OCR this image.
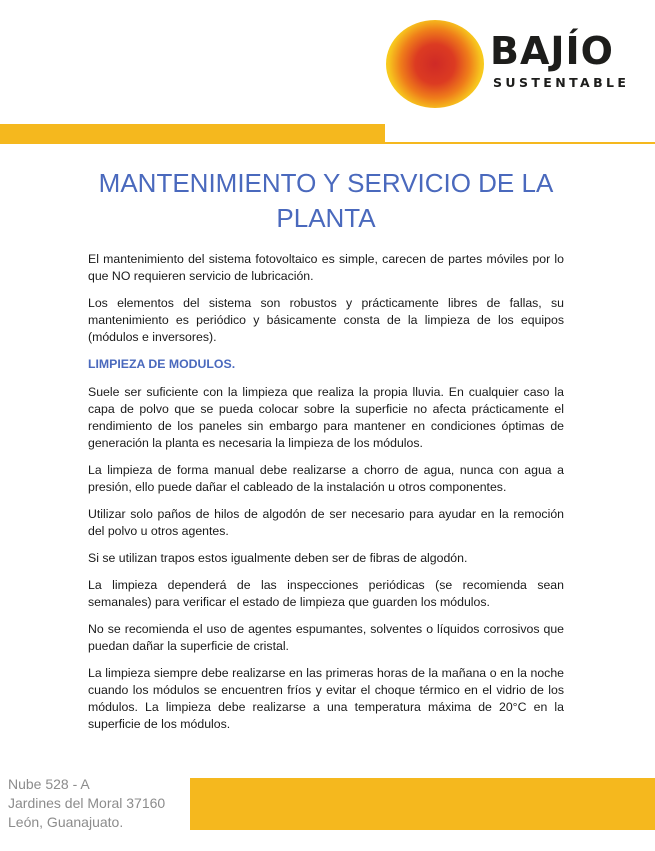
BAJÍO
SUSTENTABLE
MANTENIMIENTO Y SERVICIO DE LA PLANTA

El mantenimiento del sistema fotovoltaico es simple, carecen de partes móviles por lo que NO requieren servicio de lubricación.

Los elementos del sistema son robustos y prácticamente libres de fallas, su mantenimiento es periódico y básicamente consta de la limpieza de los equipos (módulos e inversores).

LIMPIEZA DE MODULOS.

Suele ser suficiente con la limpieza que realiza la propia lluvia. En cualquier caso la capa de polvo que se pueda colocar sobre la superficie no afecta prácticamente el rendimiento de los paneles sin embargo para mantener en condiciones óptimas de generación la planta es necesaria la limpieza de los módulos.

La limpieza de forma manual debe realizarse a chorro de agua, nunca con agua a presión, ello puede dañar el cableado de la instalación u otros componentes.

Utilizar solo paños de hilos de algodón de ser necesario para ayudar en la remoción del polvo u otros agentes.

Si se utilizan trapos estos igualmente deben ser de fibras de algodón.

La limpieza dependerá de las inspecciones periódicas (se recomienda sean semanales) para verificar el estado de limpieza que guarden los módulos.

No se recomienda el uso de agentes espumantes, solventes o líquidos corrosivos que puedan dañar la superficie de cristal.

La limpieza siempre debe realizarse en las primeras horas de la mañana o en la noche cuando los módulos se encuentren fríos y evitar el choque térmico en el vidrio de los módulos. La limpieza debe realizarse a una temperatura máxima de 20°C en la superficie de los módulos.

Nube 528 - A
Jardines del Moral 37160
León, Guanajuato.
